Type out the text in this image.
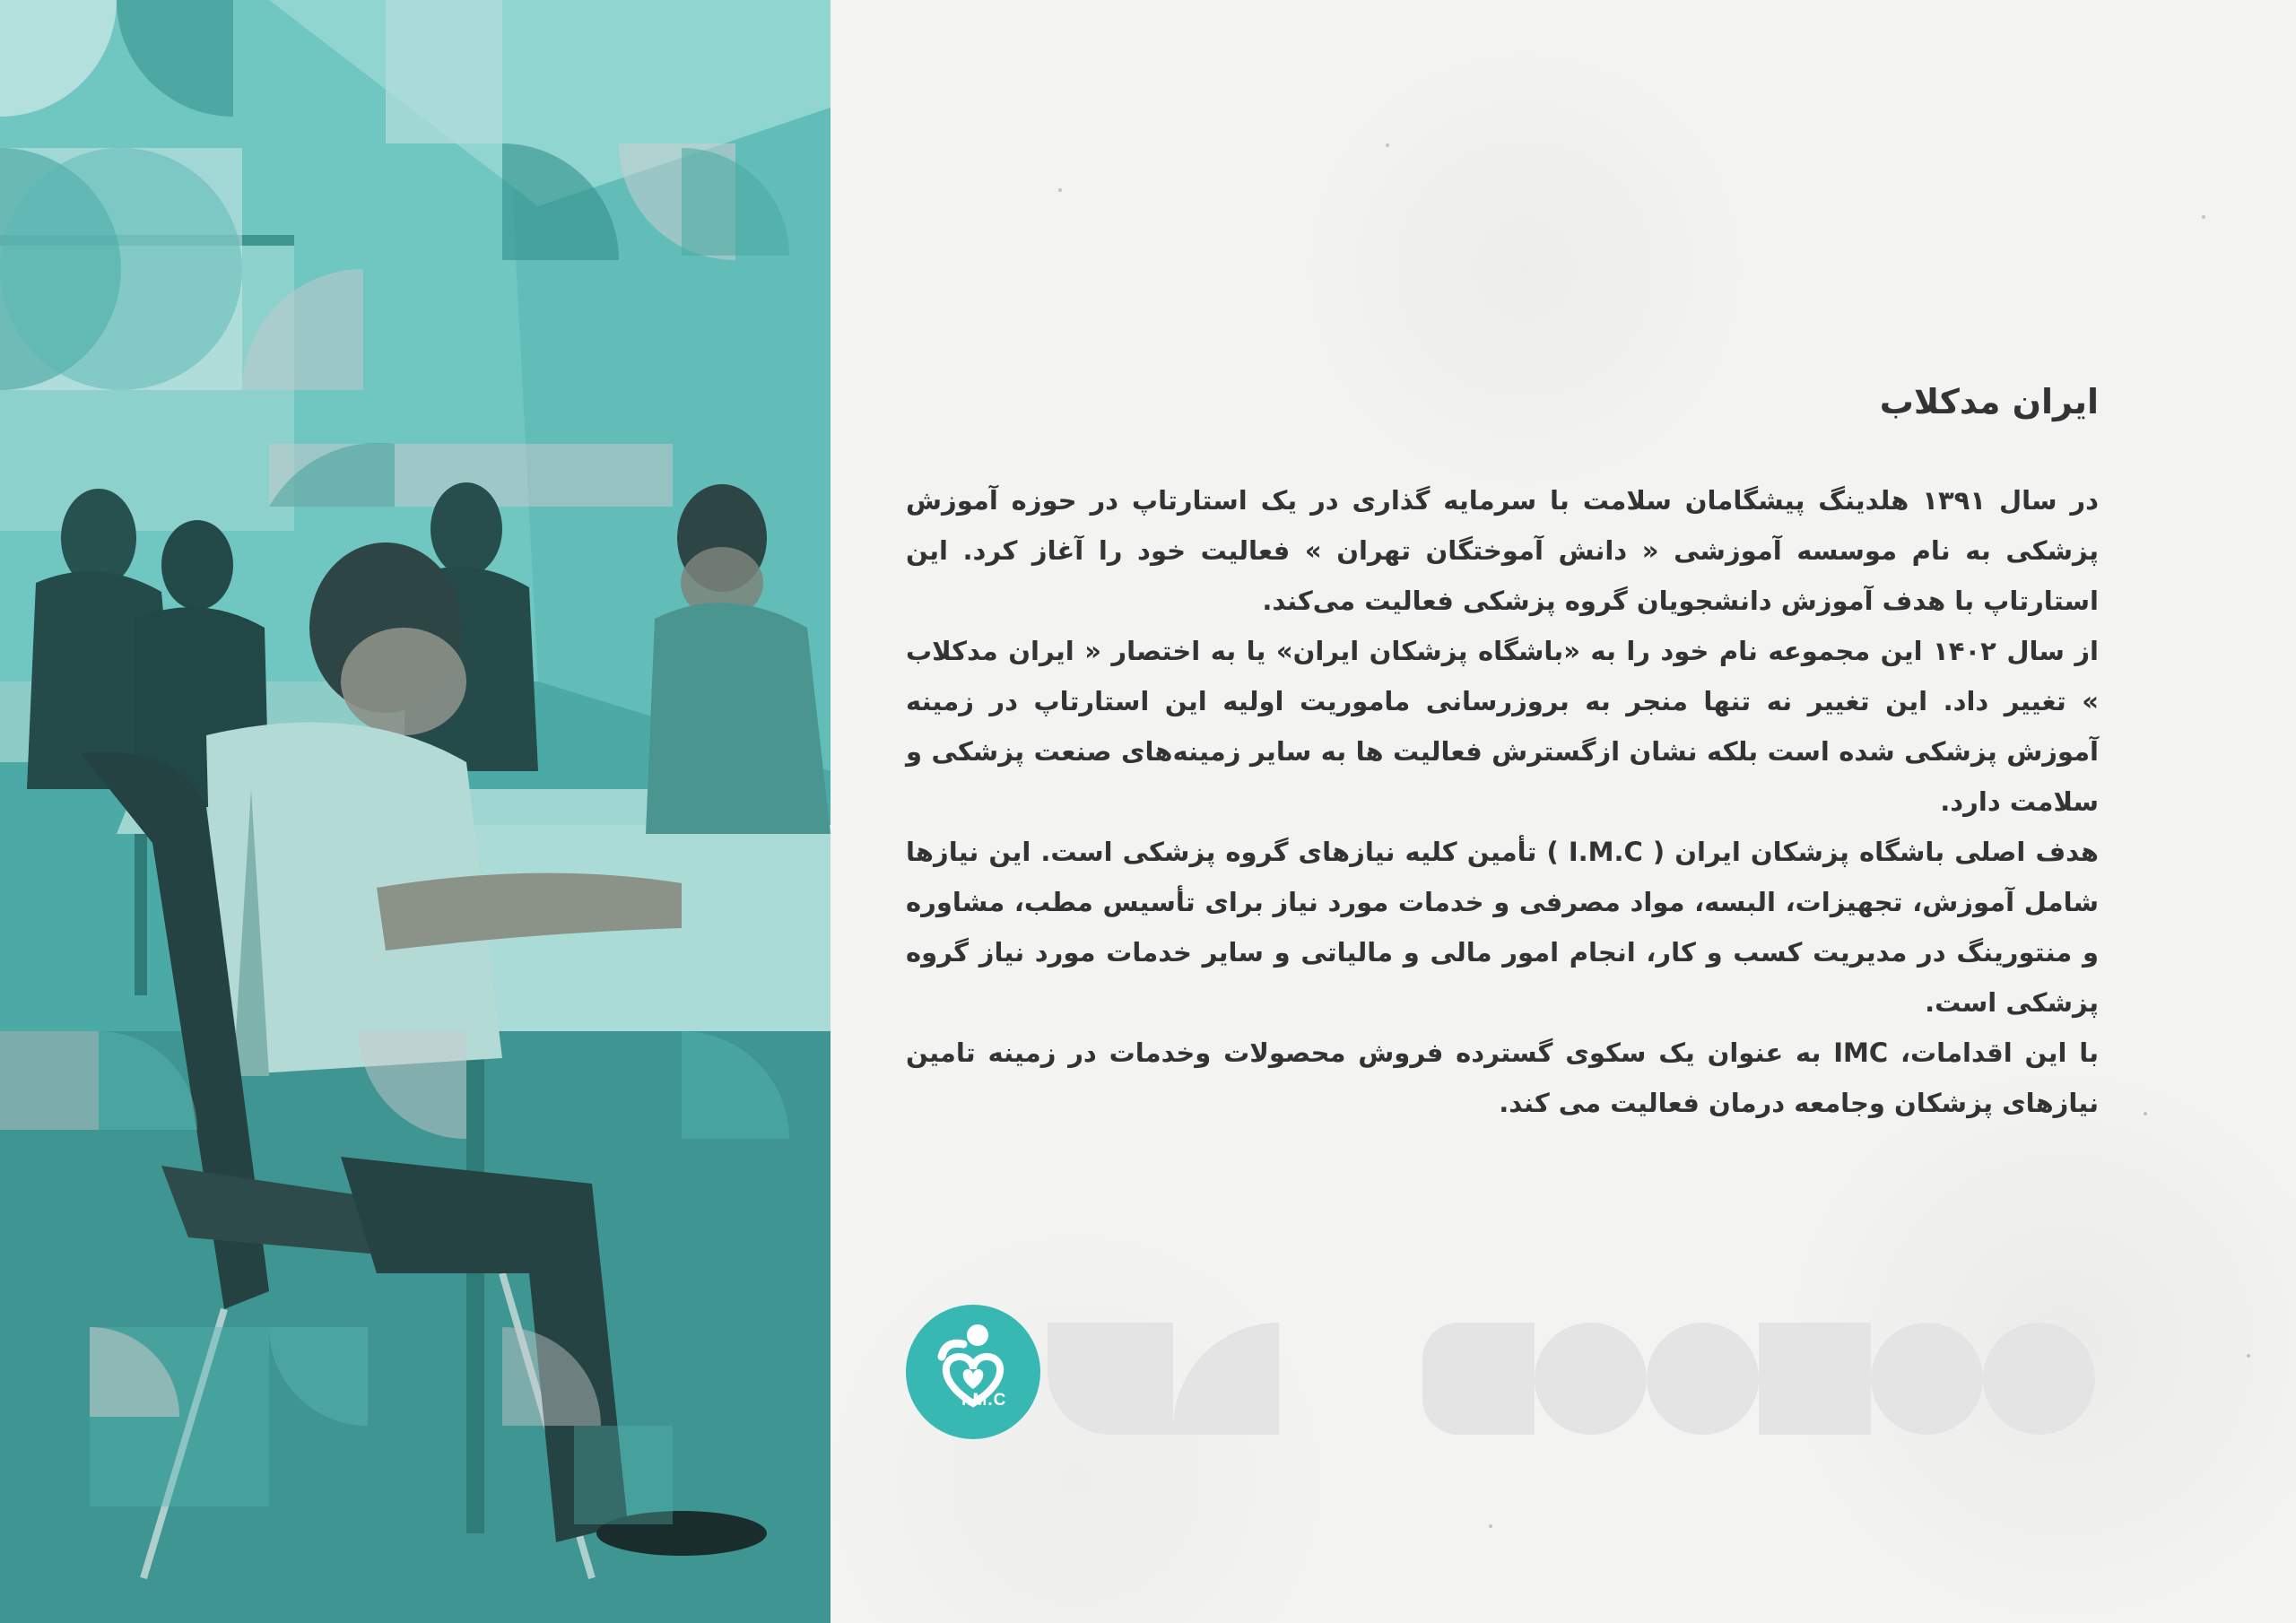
ایران مدکلاب

در سال ۱۳۹۱ هلدینگ پیشگامان سلامت با سرمایه گذاری در یک استارتاپ در حوزه آموزش پزشکی به نام موسسه آموزشی « دانش آموختگان تهران » فعالیت خود را آغاز کرد. این استارتاپ با هدف آموزش دانشجویان گروه پزشکی فعالیت می‌کند.

از سال ۱۴۰۲ این مجموعه نام خود را به «باشگاه پزشکان ایران» یا به اختصار « ایران مدکلاب » تغییر داد. این تغییر نه تنها منجر به بروزرسانی ماموریت اولیه این استارتاپ در زمینه آموزش پزشکی شده است بلکه نشان ازگسترش فعالیت ها به سایر زمینه‌های صنعت پزشکی و سلامت دارد.

هدف اصلی باشگاه پزشکان ایران ( I.M.C ) تأمین کلیه نیازهای گروه پزشکی است. این نیازها شامل آموزش، تجهیزات، البسه، مواد مصرفی و خدمات مورد نیاز برای تأسیس مطب، مشاوره و منتورینگ در مدیریت کسب و کار، انجام امور مالی و مالیاتی و سایر خدمات مورد نیاز گروه پزشکی است.

با این اقدامات، IMC به عنوان یک سکوی گسترده فروش محصولات وخدمات در زمینه تامین نیازهای پزشکان وجامعه درمان فعالیت می کند.

I.M.C
